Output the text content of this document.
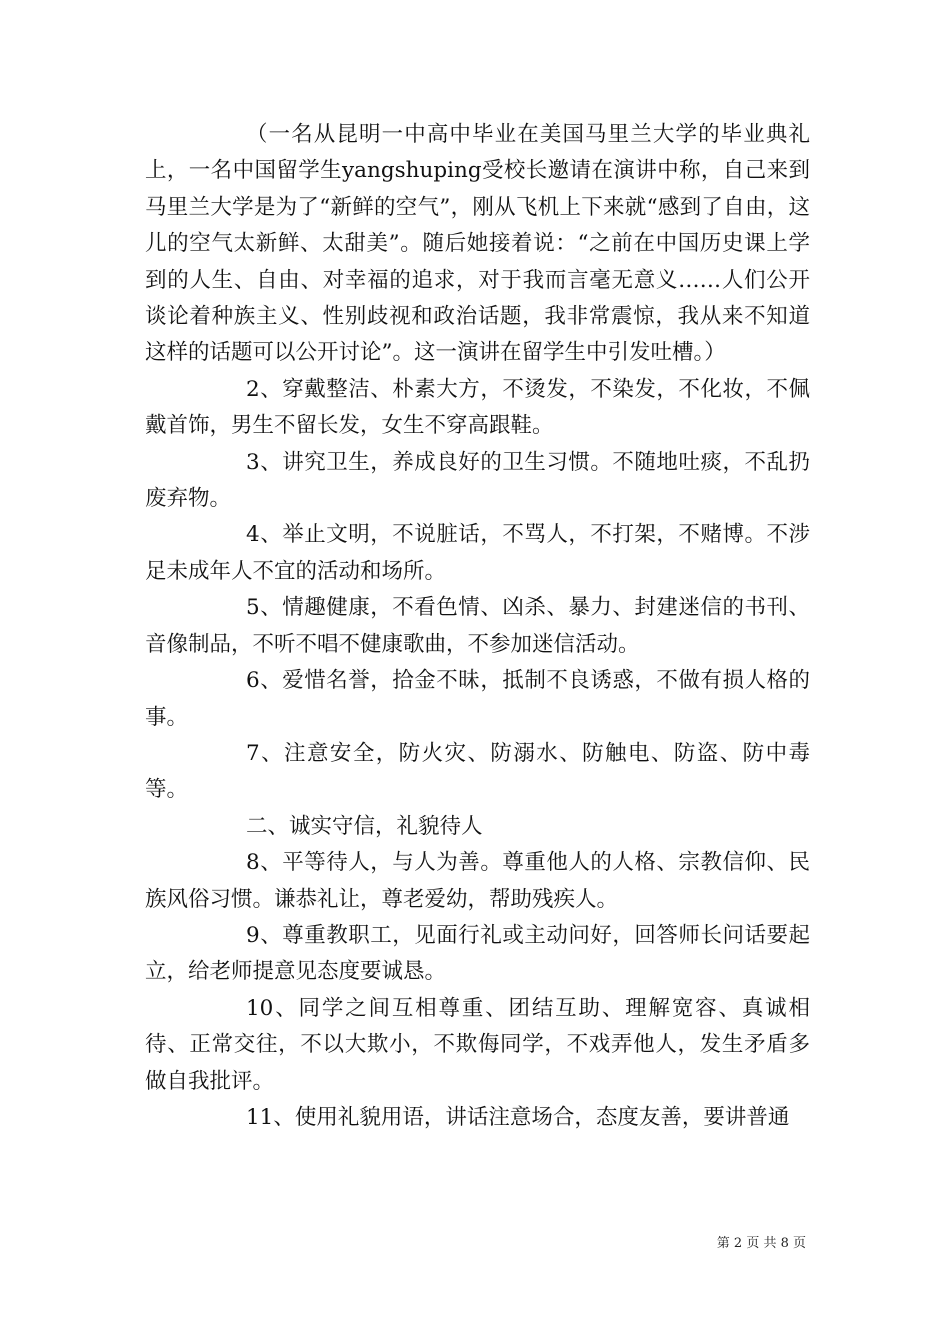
（一名从昆明一中高中毕业在美国马里兰大学的毕业典礼上，一名中国留学生yangshuping受校长邀请在演讲中称，自己来到马里兰大学是为了“新鲜的空气”，刚从飞机上下来就“感到了自由，这儿的空气太新鲜、太甜美”。随后她接着说：“之前在中国历史课上学到的人生、自由、对幸福的追求，对于我而言毫无意义……人们公开谈论着种族主义、性别歧视和政治话题，我非常震惊，我从来不知道这样的话题可以公开讨论”。这一演讲在留学生中引发吐槽。）

2、穿戴整洁、朴素大方，不烫发，不染发，不化妆，不佩戴首饰，男生不留长发，女生不穿高跟鞋。

3、讲究卫生，养成良好的卫生习惯。不随地吐痰，不乱扔废弃物。

4、举止文明，不说脏话，不骂人，不打架，不赌博。不涉足未成年人不宜的活动和场所。

5、情趣健康，不看色情、凶杀、暴力、封建迷信的书刊、音像制品，不听不唱不健康歌曲，不参加迷信活动。

6、爱惜名誉，拾金不昧，抵制不良诱惑，不做有损人格的事。

7、注意安全，防火灾、防溺水、防触电、防盗、防中毒等。

二、诚实守信，礼貌待人

8、平等待人，与人为善。尊重他人的人格、宗教信仰、民族风俗习惯。谦恭礼让，尊老爱幼，帮助残疾人。

9、尊重教职工，见面行礼或主动问好，回答师长问话要起立，给老师提意见态度要诚恳。

10、同学之间互相尊重、团结互助、理解宽容、真诚相待、正常交往，不以大欺小，不欺侮同学，不戏弄他人，发生矛盾多做自我批评。

11、使用礼貌用语，讲话注意场合，态度友善，要讲普通

第 2 页 共 8 页
